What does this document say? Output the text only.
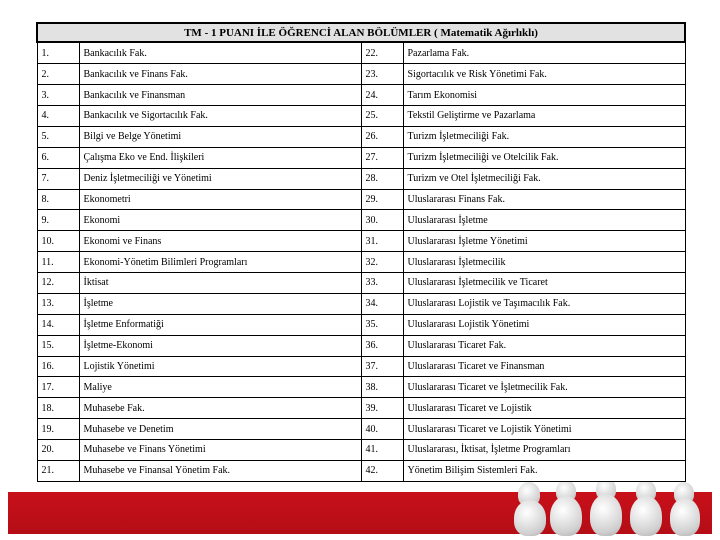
TM - 1 PUANI İLE ÖĞRENCİ ALAN BÖLÜMLER ( Matematik Ağırlıklı)			
1.	Bankacılık Fak.	22.	Pazarlama Fak.
2.	Bankacılık ve Finans Fak.	23.	Sigortacılık ve Risk Yönetimi Fak.
3.	Bankacılık ve Finansman	24.	Tarım Ekonomisi
4.	Bankacılık ve Sigortacılık Fak.	25.	Tekstil Geliştirme ve Pazarlama
5.	Bilgi ve Belge Yönetimi	26.	Turizm İşletmeciliği Fak.
6.	Çalışma Eko ve End. İlişkileri	27.	Turizm İşletmeciliği ve Otelcilik Fak.
7.	Deniz İşletmeciliği ve Yönetimi	28.	Turizm ve Otel İşletmeciliği Fak.
8.	Ekonometri	29.	Uluslararası Finans Fak.
9.	Ekonomi	30.	Uluslararası İşletme
10.	Ekonomi ve Finans	31.	Uluslararası İşletme Yönetimi
11.	Ekonomi-Yönetim Bilimleri Programları	32.	Uluslararası İşletmecilik
12.	İktisat	33.	Uluslararası İşletmecilik ve Ticaret
13.	İşletme	34.	Uluslararası Lojistik ve Taşımacılık Fak.
14.	İşletme Enformatiği	35.	Uluslararası Lojistik Yönetimi
15.	İşletme-Ekonomi	36.	Uluslararası Ticaret Fak.
16.	Lojistik Yönetimi	37.	Uluslararası Ticaret ve Finansman
17.	Maliye	38.	Uluslararası Ticaret ve İşletmecilik Fak.
18.	Muhasebe Fak.	39.	Uluslararası Ticaret ve Lojistik
19.	Muhasebe ve Denetim	40.	Uluslararası Ticaret ve Lojistik Yönetimi
20.	Muhasebe ve Finans Yönetimi	41.	Uluslararası, İktisat, İşletme Programları
21.	Muhasebe ve Finansal Yönetim Fak.	42.	Yönetim Bilişim Sistemleri Fak.
